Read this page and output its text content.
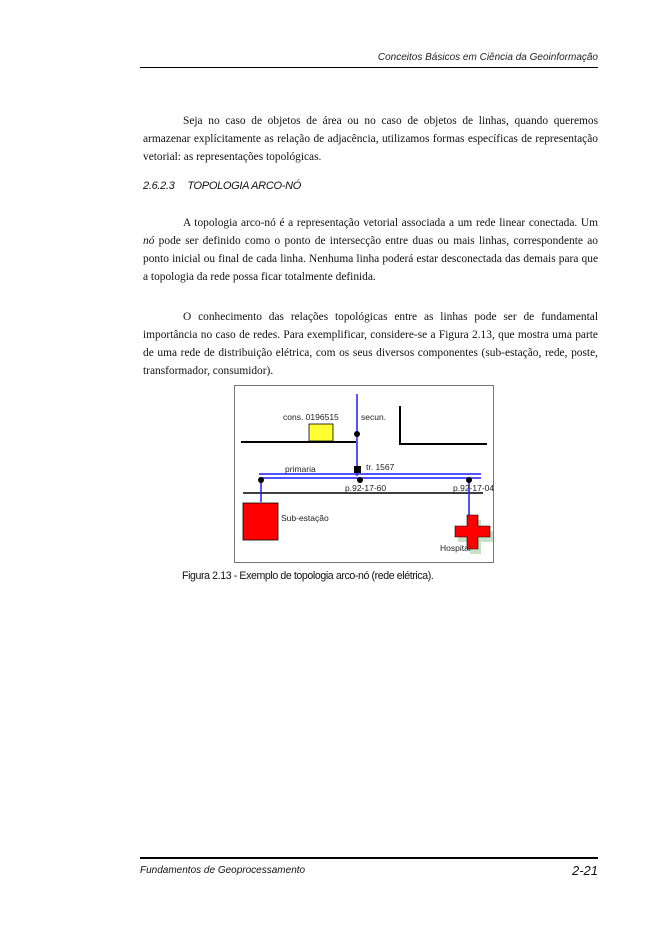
Conceitos Básicos em Ciência da Geoinformação

Seja no caso de objetos de área ou no caso de objetos de linhas, quando queremos armazenar explícitamente as relação de adjacência, utilizamos formas específicas de representação vetorial: as representações topológicas.

2.6.2.3 TOPOLOGIA ARCO-NÓ

A topologia arco-nó é a representação vetorial associada a um rede linear conectada. Um nó pode ser definido como o ponto de intersecção entre duas ou mais linhas, correspondente ao ponto inicial ou final de cada linha. Nenhuma linha poderá estar desconectada das demais para que a topologia da rede possa ficar totalmente definida.

O conhecimento das relações topológicas entre as linhas pode ser de fundamental importância no caso de redes. Para exemplificar, considere-se a Figura 2.13, que mostra uma parte de uma rede de distribuição elétrica, com os seus diversos componentes (sub-estação, rede, poste, transformador, consumidor).

cons. 0196515	secun.
primaria	tr. 1567
p.92-17-60	p.92-17-04
Sub-estação
Hospital
Figura 2.13 - Exemplo de topologia arco-nó (rede elétrica).
Fundamentos de Geoprocessamento	2-21
